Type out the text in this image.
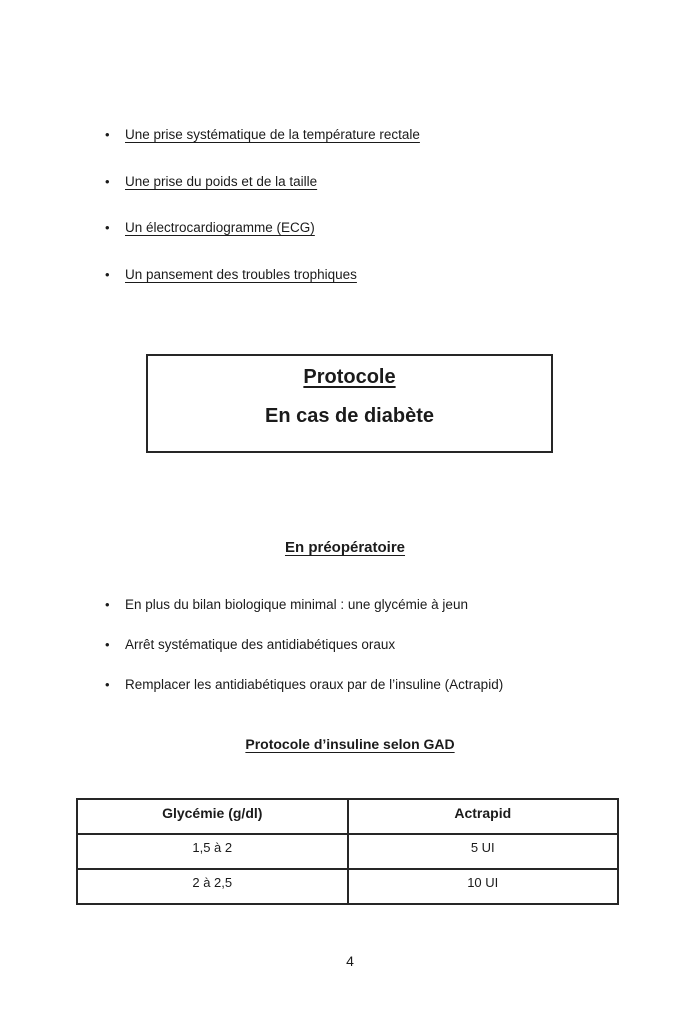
•	Une prise systématique de la température rectale
•	Une prise du poids et de la taille
•	Un électrocardiogramme (ECG)
•	Un pansement des troubles trophiques
Protocole
En cas de diabète
En préopératoire
•	En plus du bilan biologique minimal : une glycémie à jeun
•	Arrêt systématique des antidiabétiques oraux
•	Remplacer les antidiabétiques oraux par de l’insuline (Actrapid)
Protocole d’insuline selon GAD
Glycémie (g/dl)	Actrapid
1,5 à 2	5 UI
2 à 2,5	10 UI
4
